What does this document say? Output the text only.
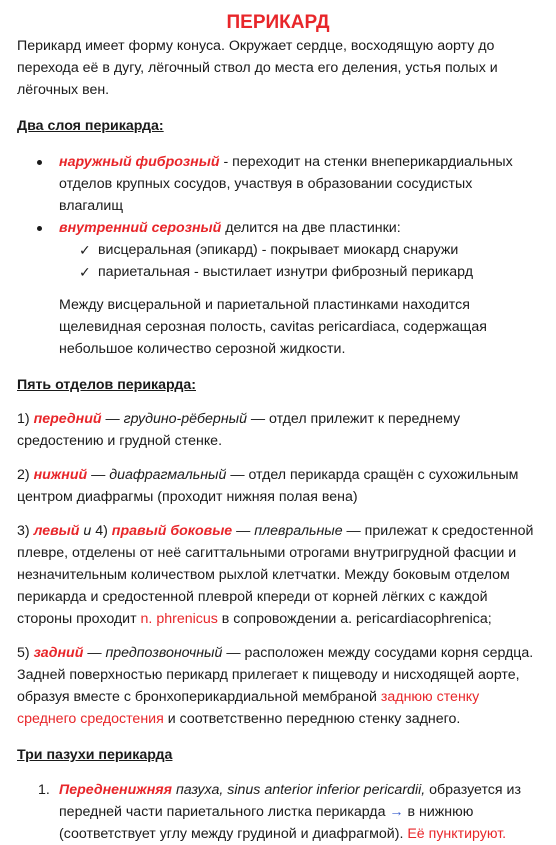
ПЕРИКАРД

Перикард имеет форму конуса. Окружает сердце, восходящую аорту до перехода её в дугу, лёгочный ствол до места его деления, устья полых и лёгочных вен.

Два слоя перикарда:

наружный фиброзный - переходит на стенки внеперикардиальных отделов крупных сосудов, участвуя в образовании сосудистых влагалищ
внутренний серозный делится на две пластинки:
✓ висцеральная (эпикард) - покрывает миокард снаружи
✓ париетальная - выстилает изнутри фиброзный перикард

Между висцеральной и париетальной пластинками находится щелевидная серозная полость, cavitas pericardiaca, содержащая небольшое количество серозной жидкости.

Пять отделов перикарда:

1) передний — грудино-рёберный — отдел прилежит к переднему средостению и грудной стенке.

2) нижний — диафрагмальный — отдел перикарда сращён с сухожильным центром диафрагмы (проходит нижняя полая вена)

3) левый и 4) правый боковые — плевральные — прилежат к средостенной плевре, отделены от неё сагиттальными отрогами внутригрудной фасции и незначительным количеством рыхлой клетчатки. Между боковым отделом перикарда и средостенной плеврой кпереди от корней лёгких с каждой стороны проходит n. phrenicus в сопровождении a. pericardiacophrenica;

5) задний — предпозвоночный — расположен между сосудами корня сердца. Задней поверхностью перикард прилегает к пищеводу и нисходящей аорте, образуя вместе с бронхоперикардиальной мембраной заднюю стенку среднего средостения и соответственно переднюю стенку заднего.

Три пазухи перикарда

1. Передненижняя пазуха, sinus anterior inferior pericardii, образуется из передней части париетального листка перикарда → в нижнюю (соответствует углу между грудиной и диафрагмой). Её пунктируют.
